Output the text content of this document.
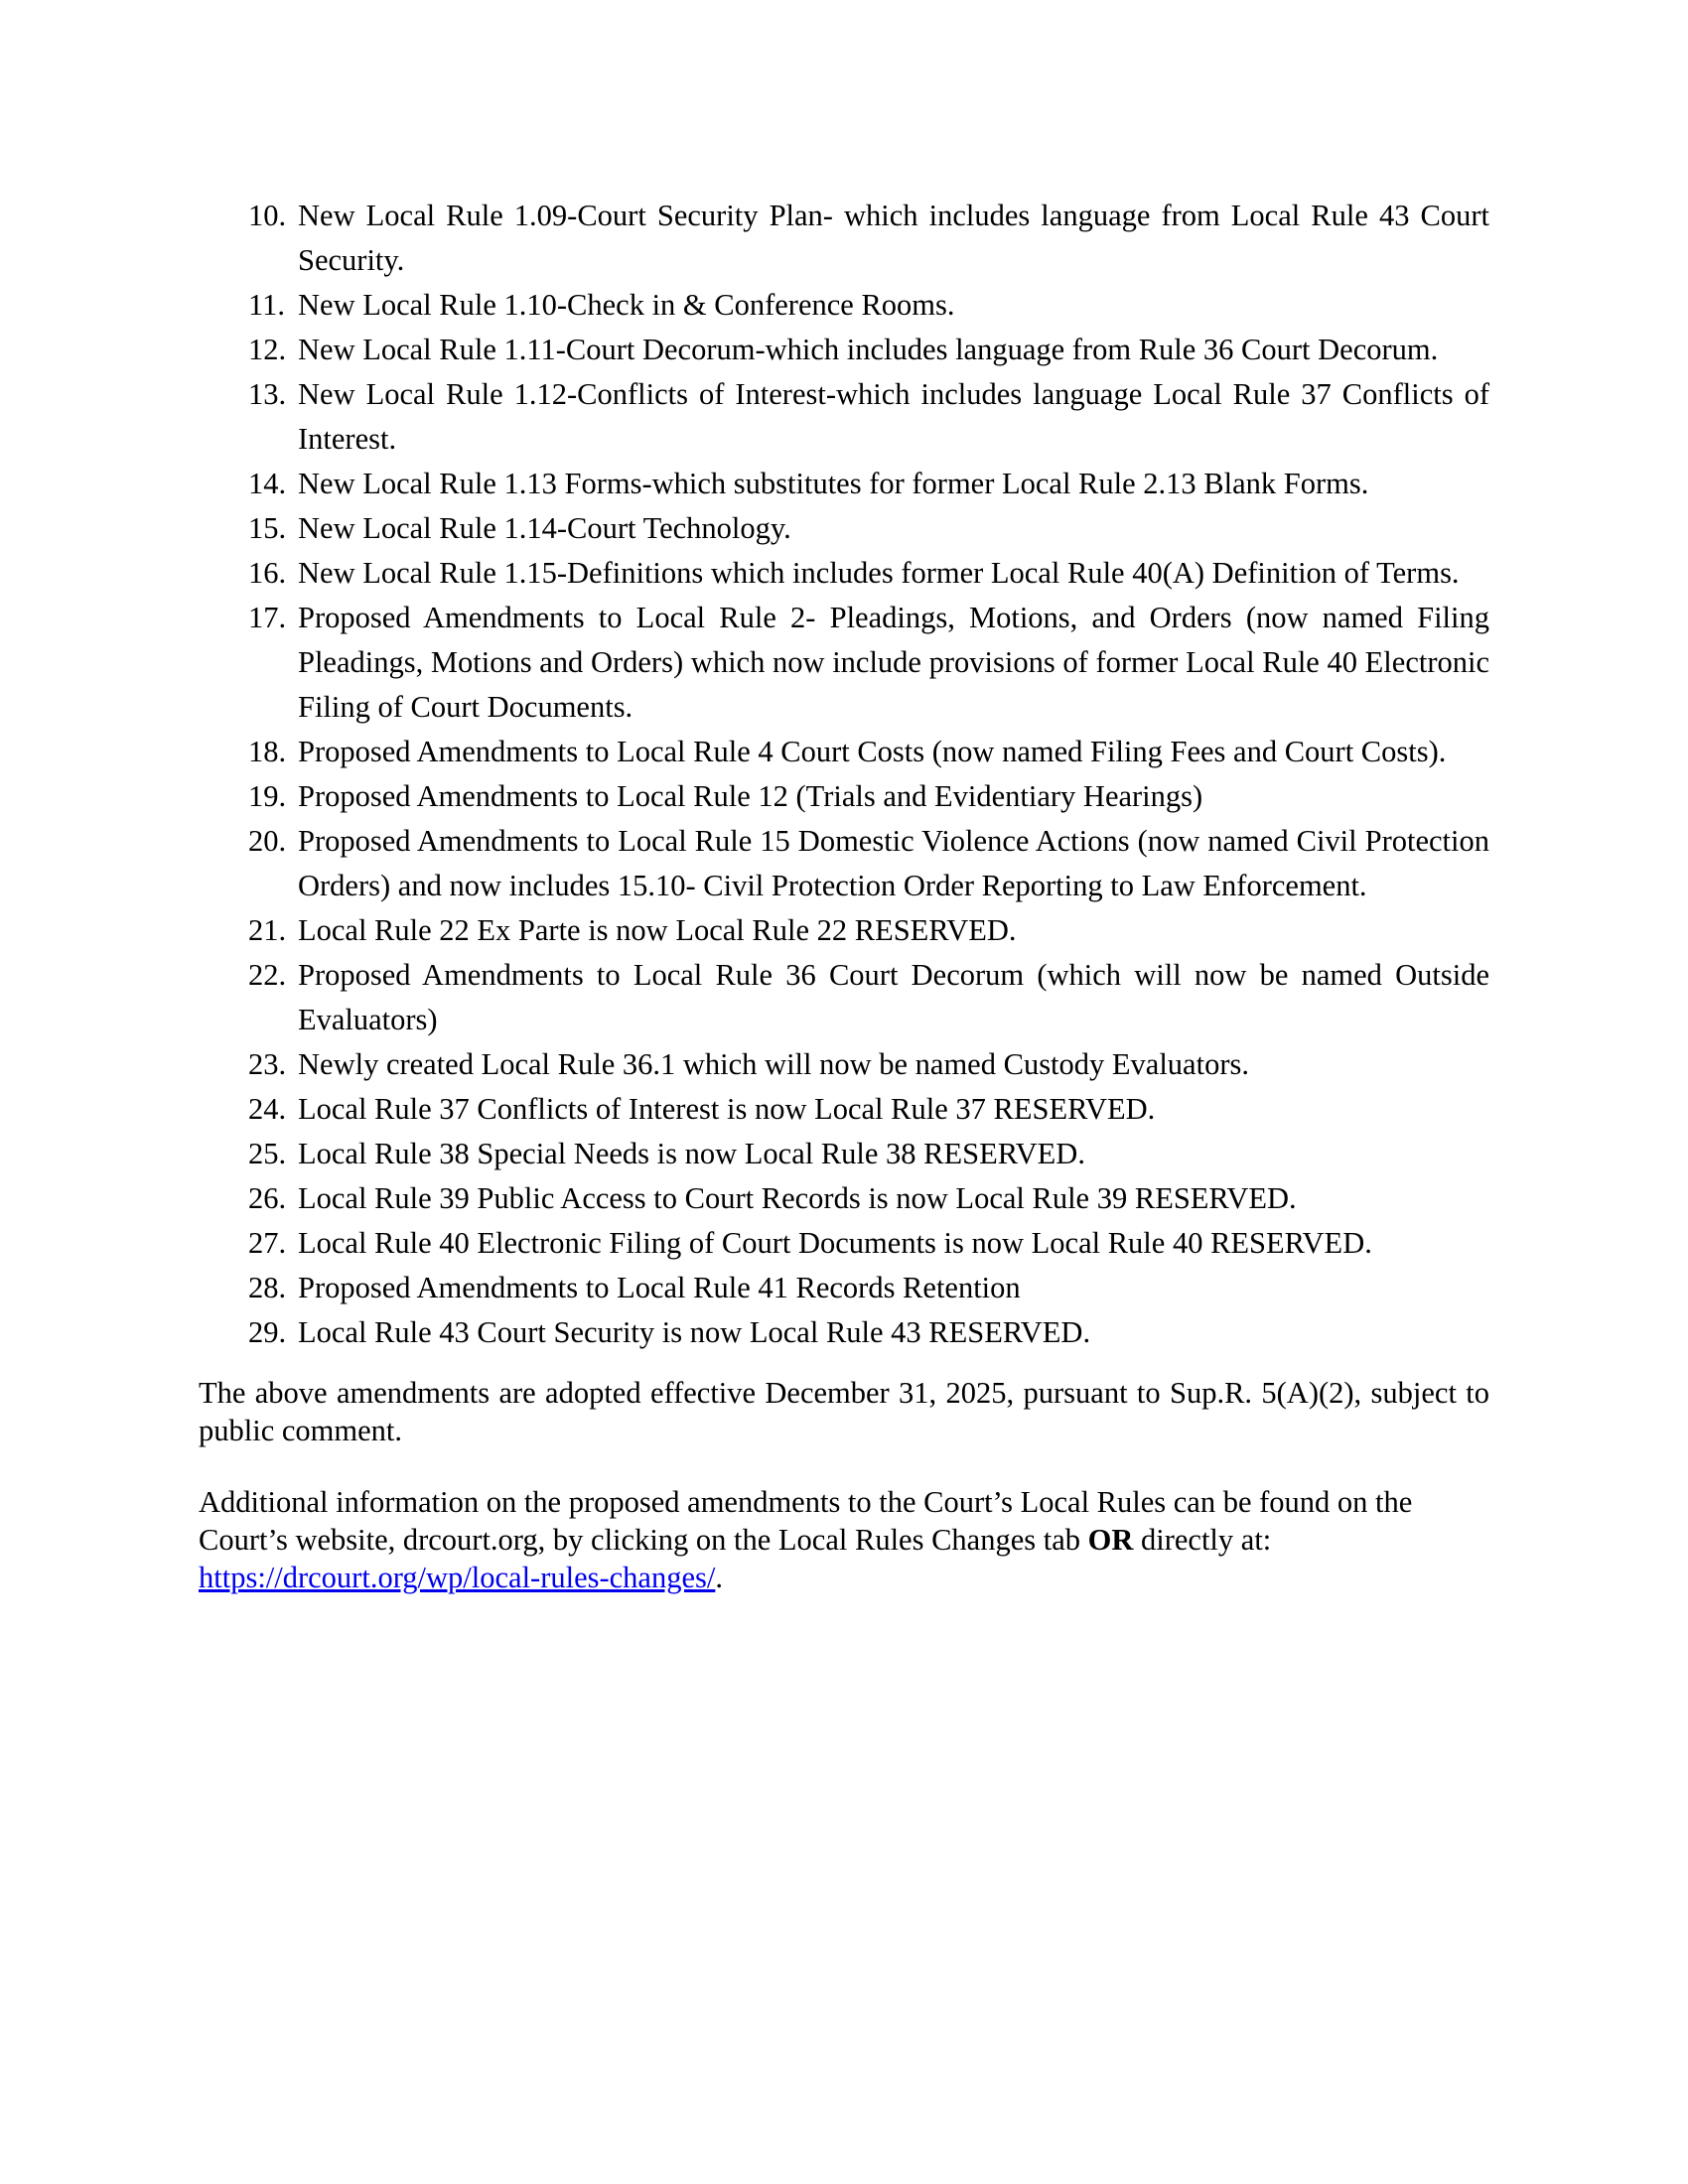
10. New Local Rule 1.09-Court Security Plan- which includes language from Local Rule 43 Court Security.
11. New Local Rule 1.10-Check in & Conference Rooms.
12. New Local Rule 1.11-Court Decorum-which includes language from Rule 36 Court Decorum.
13. New Local Rule 1.12-Conflicts of Interest-which includes language Local Rule 37 Conflicts of Interest.
14. New Local Rule 1.13 Forms-which substitutes for former Local Rule 2.13 Blank Forms.
15. New Local Rule 1.14-Court Technology.
16. New Local Rule 1.15-Definitions which includes former Local Rule 40(A) Definition of Terms.
17. Proposed Amendments to Local Rule 2- Pleadings, Motions, and Orders (now named Filing Pleadings, Motions and Orders) which now include provisions of former Local Rule 40 Electronic Filing of Court Documents.
18. Proposed Amendments to Local Rule 4 Court Costs (now named Filing Fees and Court Costs).
19. Proposed Amendments to Local Rule 12 (Trials and Evidentiary Hearings)
20. Proposed Amendments to Local Rule 15 Domestic Violence Actions (now named Civil Protection Orders) and now includes 15.10- Civil Protection Order Reporting to Law Enforcement.
21. Local Rule 22 Ex Parte is now Local Rule 22 RESERVED.
22. Proposed Amendments to Local Rule 36 Court Decorum (which will now be named Outside Evaluators)
23. Newly created Local Rule 36.1 which will now be named Custody Evaluators.
24. Local Rule 37 Conflicts of Interest is now Local Rule 37 RESERVED.
25. Local Rule 38 Special Needs is now Local Rule 38 RESERVED.
26. Local Rule 39 Public Access to Court Records is now Local Rule 39 RESERVED.
27. Local Rule 40 Electronic Filing of Court Documents is now Local Rule 40 RESERVED.
28. Proposed Amendments to Local Rule 41 Records Retention
29. Local Rule 43 Court Security is now Local Rule 43 RESERVED.

The above amendments are adopted effective December 31, 2025, pursuant to Sup.R. 5(A)(2), subject to public comment.

Additional information on the proposed amendments to the Court’s Local Rules can be found on the Court’s website, drcourt.org, by clicking on the Local Rules Changes tab OR directly at: https://drcourt.org/wp/local-rules-changes/.
